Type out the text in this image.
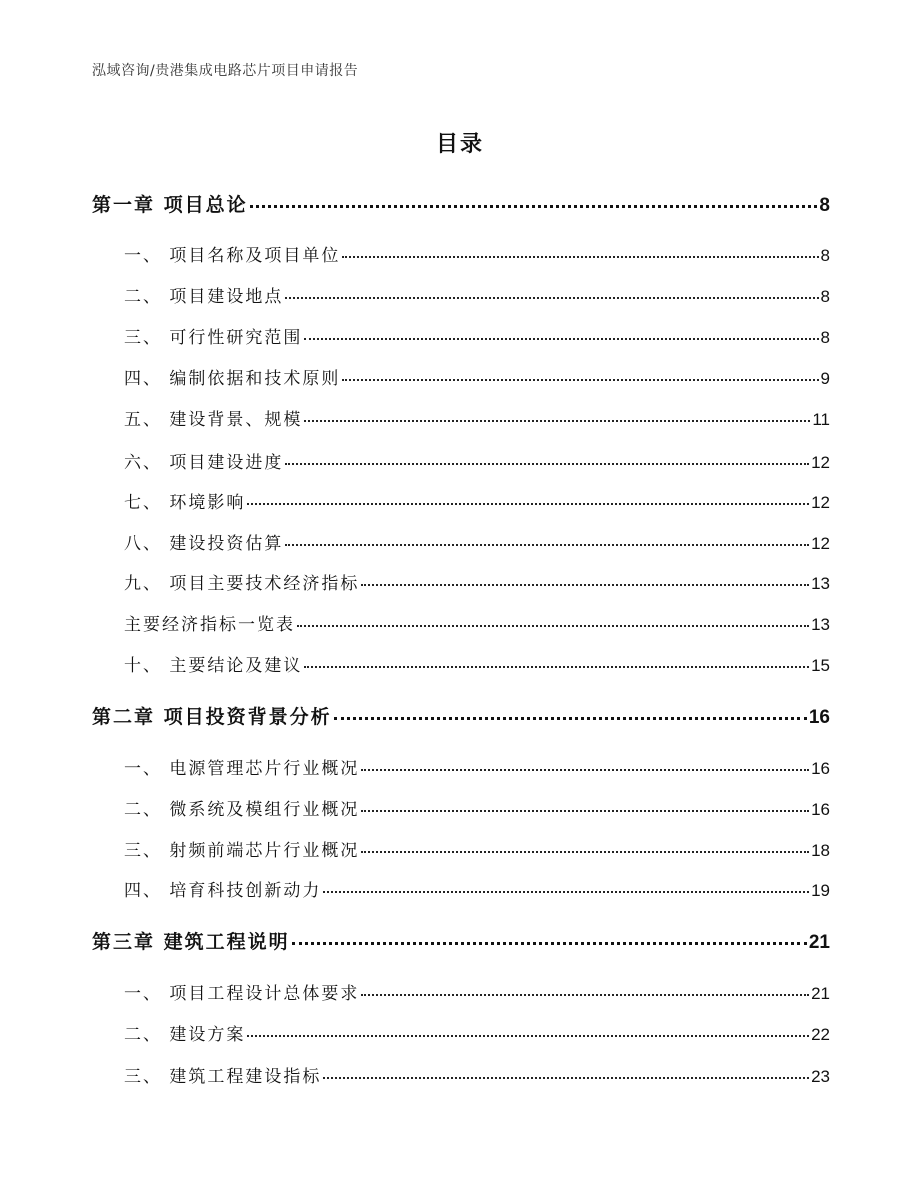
泓域咨询/贵港集成电路芯片项目申请报告
目录
第一章 项目总论	8
一、 项目名称及项目单位	8
二、 项目建设地点	8
三、 可行性研究范围	8
四、 编制依据和技术原则	9
五、 建设背景、规模	11
六、 项目建设进度	12
七、 环境影响	12
八、 建设投资估算	12
九、 项目主要技术经济指标	13
主要经济指标一览表	13
十、 主要结论及建议	15
第二章 项目投资背景分析	16
一、 电源管理芯片行业概况	16
二、 微系统及模组行业概况	16
三、 射频前端芯片行业概况	18
四、 培育科技创新动力	19
第三章 建筑工程说明	21
一、 项目工程设计总体要求	21
二、 建设方案	22
三、 建筑工程建设指标	23
